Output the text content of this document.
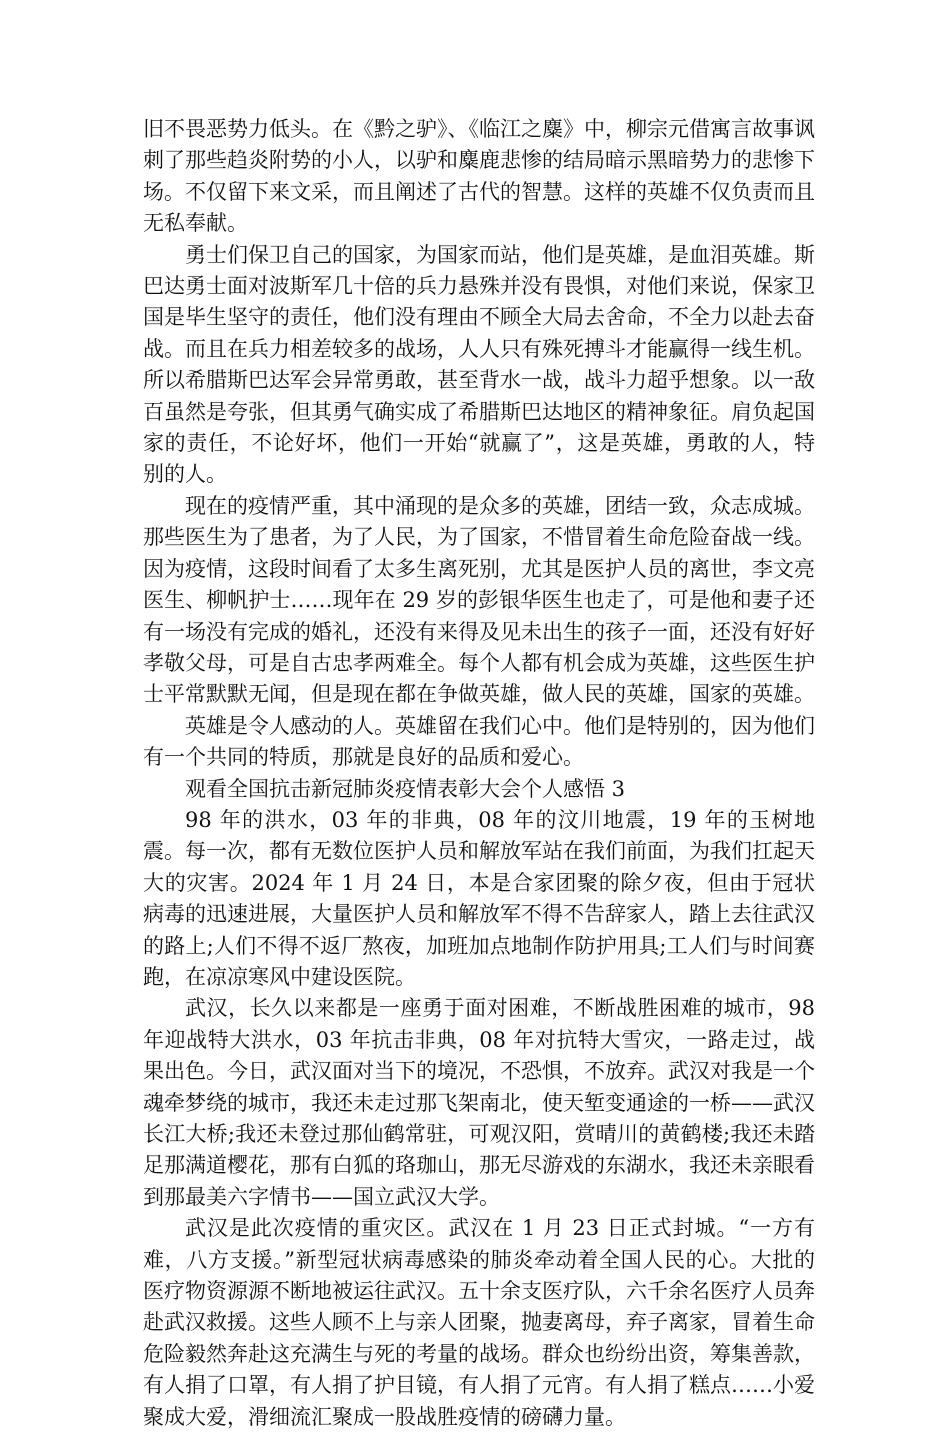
旧不畏恶势力低头。在《黔之驴》、《临江之麋》中，柳宗元借寓言故事讽刺了那些趋炎附势的小人，以驴和麋鹿悲惨的结局暗示黑暗势力的悲惨下场。不仅留下来文采，而且阐述了古代的智慧。这样的英雄不仅负责而且无私奉献。

勇士们保卫自己的国家，为国家而站，他们是英雄，是血泪英雄。斯巴达勇士面对波斯军几十倍的兵力悬殊并没有畏惧，对他们来说，保家卫国是毕生坚守的责任，他们没有理由不顾全大局去舍命，不全力以赴去奋战。而且在兵力相差较多的战场，人人只有殊死搏斗才能赢得一线生机。所以希腊斯巴达军会异常勇敢，甚至背水一战，战斗力超乎想象。以一敌百虽然是夸张，但其勇气确实成了希腊斯巴达地区的精神象征。肩负起国家的责任，不论好坏，他们一开始“就赢了”，这是英雄，勇敢的人，特别的人。

现在的疫情严重，其中涌现的是众多的英雄，团结一致，众志成城。那些医生为了患者，为了人民，为了国家，不惜冒着生命危险奋战一线。因为疫情，这段时间看了太多生离死别，尤其是医护人员的离世，李文亮医生、柳帆护士……现年在 29 岁的彭银华医生也走了，可是他和妻子还有一场没有完成的婚礼，还没有来得及见未出生的孩子一面，还没有好好孝敬父母，可是自古忠孝两难全。每个人都有机会成为英雄，这些医生护士平常默默无闻，但是现在都在争做英雄，做人民的英雄，国家的英雄。

英雄是令人感动的人。英雄留在我们心中。他们是特别的，因为他们有一个共同的特质，那就是良好的品质和爱心。

观看全国抗击新冠肺炎疫情表彰大会个人感悟 3

98 年的洪水，03 年的非典，08 年的汶川地震，19 年的玉树地震。每一次，都有无数位医护人员和解放军站在我们前面，为我们扛起天大的灾害。2024 年 1 月 24 日，本是合家团聚的除夕夜，但由于冠状病毒的迅速进展，大量医护人员和解放军不得不告辞家人，踏上去往武汉的路上;人们不得不返厂熬夜，加班加点地制作防护用具;工人们与时间赛跑，在凉凉寒风中建设医院。

武汉，长久以来都是一座勇于面对困难，不断战胜困难的城市，98 年迎战特大洪水，03 年抗击非典，08 年对抗特大雪灾，一路走过，战果出色。今日，武汉面对当下的境况，不恐惧，不放弃。武汉对我是一个魂牵梦绕的城市，我还未走过那飞架南北，使天堑变通途的一桥——武汉长江大桥;我还未登过那仙鹤常驻，可观汉阳，赏晴川的黄鹤楼;我还未踏足那满道樱花，那有白狐的珞珈山，那无尽游戏的东湖水，我还未亲眼看到那最美六字情书——国立武汉大学。

武汉是此次疫情的重灾区。武汉在 1 月 23 日正式封城。“一方有难，八方支援。”新型冠状病毒感染的肺炎牵动着全国人民的心。大批的医疗物资源源不断地被运往武汉。五十余支医疗队，六千余名医疗人员奔赴武汉救援。这些人顾不上与亲人团聚，抛妻离母，弃子离家，冒着生命危险毅然奔赴这充满生与死的考量的战场。群众也纷纷出资，筹集善款，有人捐了口罩，有人捐了护目镜，有人捐了元宵。有人捐了糕点……小爱聚成大爱，滑细流汇聚成一股战胜疫情的磅礴力量。
